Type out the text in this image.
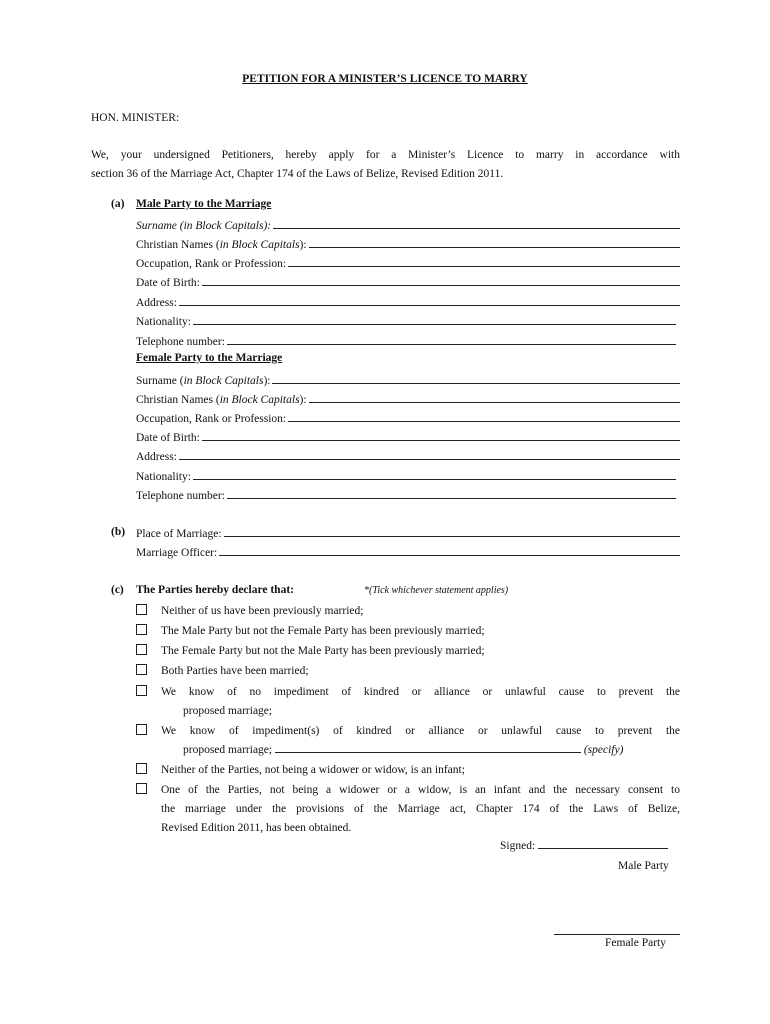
PETITION FOR A MINISTER’S LICENCE TO MARRY
HON. MINISTER:
We, your undersigned Petitioners, hereby apply for a Minister’s Licence to marry in accordance with
section 36 of the Marriage Act, Chapter 174 of the Laws of Belize, Revised Edition 2011.
(a) Male Party to the Marriage
Surname (in Block Capitals):
Christian Names (in Block Capitals):
Occupation, Rank or Profession:
Date of Birth:
Address:
Nationality:
Telephone number:
Female Party to the Marriage
Surname (in Block Capitals):
Christian Names (in Block Capitals):
Occupation, Rank or Profession:
Date of Birth:
Address:
Nationality:
Telephone number:
(b) Place of Marriage:
Marriage Officer:
(c) The Parties hereby declare that:	*(Tick whichever statement applies)
Neither of us have been previously married;
The Male Party but not the Female Party has been previously married;
The Female Party but not the Male Party has been previously married;
Both Parties have been married;
We know of no impediment of kindred or alliance or unlawful cause to prevent the
proposed marriage;
We know of impediment(s) of kindred or alliance or unlawful cause to prevent the
proposed marriage;	(specify)
Neither of the Parties, not being a widower or widow, is an infant;
One of the Parties, not being a widower or a widow, is an infant and the necessary consent to
the marriage under the provisions of the Marriage act, Chapter 174 of the Laws of Belize,
Revised Edition 2011, has been obtained.
Signed:
Male Party
Female Party
